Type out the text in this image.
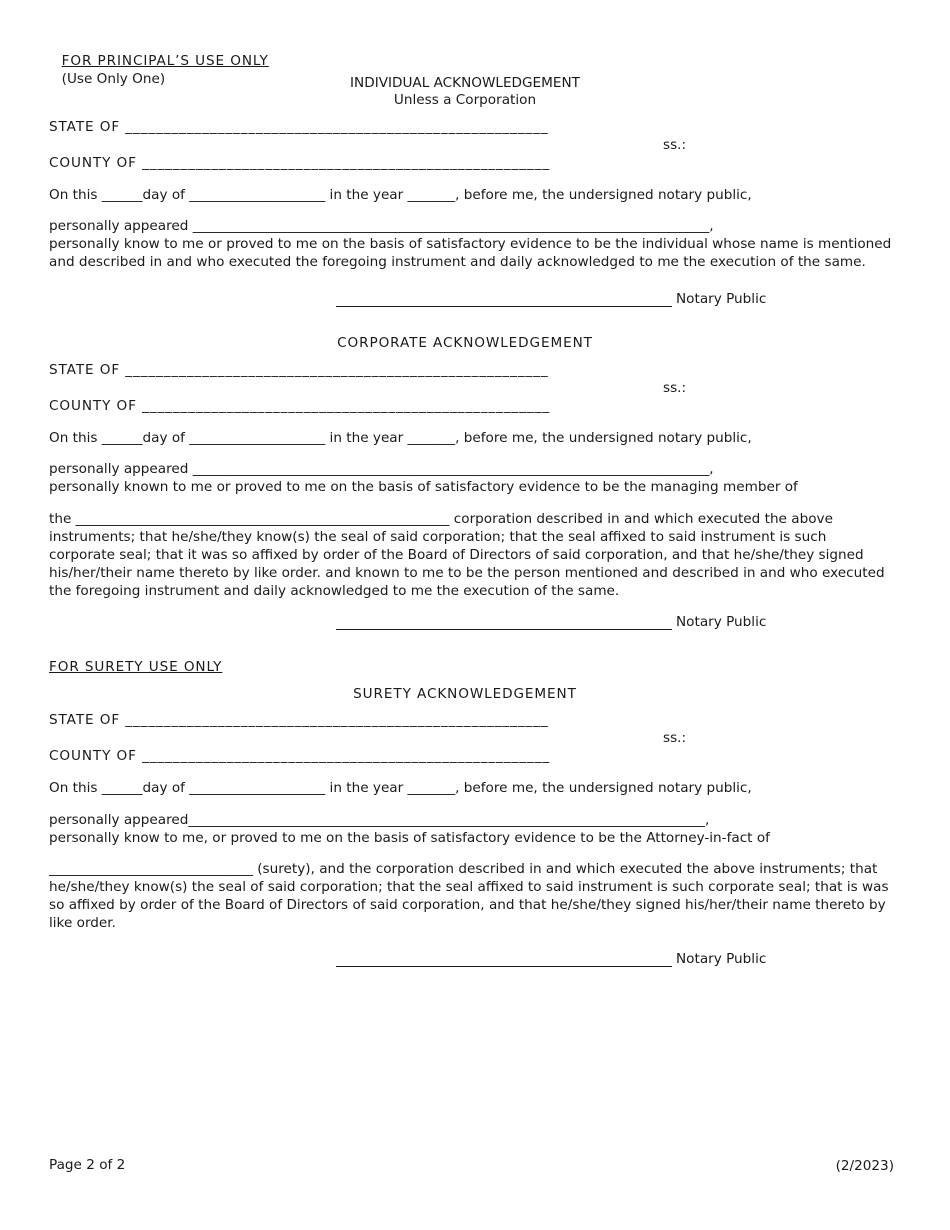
FOR PRINCIPAL’S USE ONLY
(Use Only One)	INDIVIDUAL ACKNOWLEDGEMENT
Unless a Corporation
STATE OF _______________________________________________________
ss.:
COUNTY OF _____________________________________________________
On this ______day of ____________________ in the year _______, before me, the undersigned notary public,
personally appeared ____________________________________________________________________________,
personally know to me or proved to me on the basis of satisfactory evidence to be the individual whose name is mentioned and described in and who executed the foregoing instrument and daily acknowledged to me the execution of the same.
Notary Public
CORPORATE ACKNOWLEDGEMENT
STATE OF _______________________________________________________
ss.:
COUNTY OF _____________________________________________________
On this ______day of ____________________ in the year _______, before me, the undersigned notary public,
personally appeared ____________________________________________________________________________,
personally known to me or proved to me on the basis of satisfactory evidence to be the managing member of
the _______________________________________________________ corporation described in and which executed the above instruments; that he/she/they know(s) the seal of said corporation; that the seal affixed to said instrument is such corporate seal; that it was so affixed by order of the Board of Directors of said corporation, and that he/she/they signed his/her/their name thereto by like order. and known to me to be the person mentioned and described in and who executed the foregoing instrument and daily acknowledged to me the execution of the same.
Notary Public
FOR SURETY USE ONLY
SURETY ACKNOWLEDGEMENT
STATE OF _______________________________________________________
ss.:
COUNTY OF _____________________________________________________
On this ______day of ____________________ in the year _______, before me, the undersigned notary public,
personally appeared____________________________________________________________________________,
personally know to me, or proved to me on the basis of satisfactory evidence to be the Attorney-in-fact of
______________________________ (surety), and the corporation described in and which executed the above instruments; that he/she/they know(s) the seal of said corporation; that the seal affixed to said instrument is such corporate seal; that is was so affixed by order of the Board of Directors of said corporation, and that he/she/they signed his/her/their name thereto by like order.
Notary Public
Page 2 of 2	(2/2023)
